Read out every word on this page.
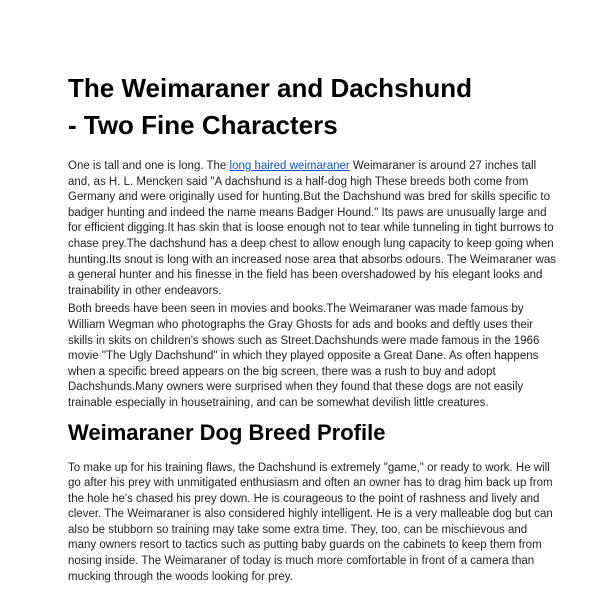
The Weimaraner and Dachshund
- Two Fine Characters
One is tall and one is long. The long haired weimaraner Weimaraner is around 27 inches tall
and, as H. L. Mencken said "A dachshund is a half-dog high These breeds both come from
Germany and were originally used for hunting.But the Dachshund was bred for skills specific to
badger hunting and indeed the name means Badger Hound." Its paws are unusually large and
for efficient digging.It has skin that is loose enough not to tear while tunneling in tight burrows to
chase prey.The dachshund has a deep chest to allow enough lung capacity to keep going when
hunting.Its snout is long with an increased nose area that absorbs odours. The Weimaraner was
a general hunter and his finesse in the field has been overshadowed by his elegant looks and
trainability in other endeavors.
Both breeds have been seen in movies and books.The Weimaraner was made famous by
William Wegman who photographs the Gray Ghosts for ads and books and deftly uses their
skills in skits on children's shows such as Street.Dachshunds were made famous in the 1966
movie "The Ugly Dachshund" in which they played opposite a Great Dane. As often happens
when a specific breed appears on the big screen, there was a rush to buy and adopt
Dachshunds.Many owners were surprised when they found that these dogs are not easily
trainable especially in housetraining, and can be somewhat devilish little creatures.
Weimaraner Dog Breed Profile
To make up for his training flaws, the Dachshund is extremely "game," or ready to work. He will
go after his prey with unmitigated enthusiasm and often an owner has to drag him back up from
the hole he's chased his prey down. He is courageous to the point of rashness and lively and
clever. The Weimaraner is also considered highly intelligent. He is a very malleable dog but can
also be stubborn so training may take some extra time. They, too, can be mischievous and
many owners resort to tactics such as putting baby guards on the cabinets to keep them from
nosing inside. The Weimaraner of today is much more comfortable in front of a camera than
mucking through the woods looking for prey.
